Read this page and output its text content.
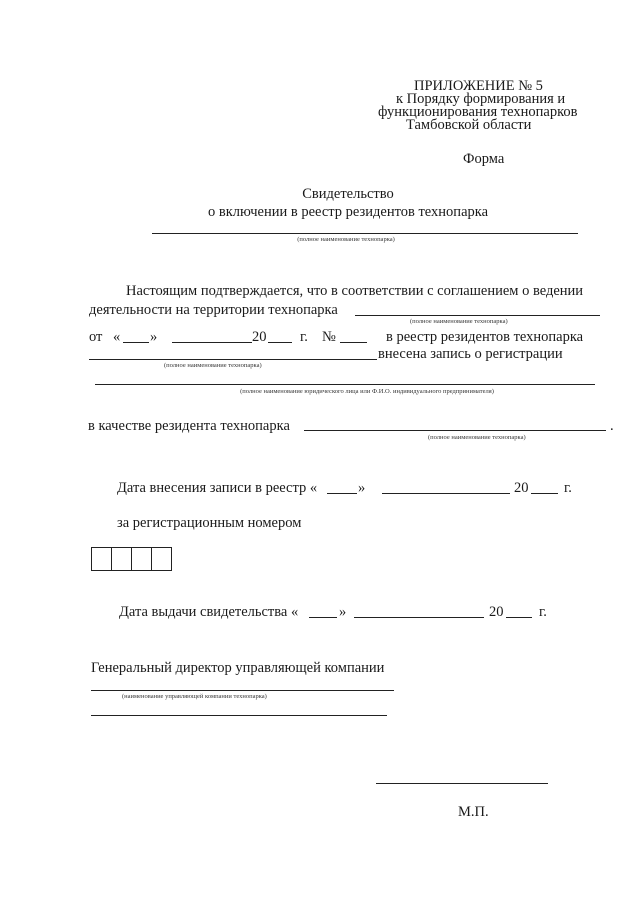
ПРИЛОЖЕНИЕ № 5
к Порядку формирования и
функционирования технопарков
Тамбовской области
Форма
Свидетельство
о включении в реестр резидентов технопарка
(полное наименование технопарка)
Настоящим подтверждается, что в соответствии с соглашением о ведении
деятельности на территории технопарка
(полное наименование технопарка)
от « »	20 г. №	в реестр резидентов технопарка
внесена запись о регистрации
(полное наименование технопарка)
(полное наименование юридического лица или Ф.И.О. индивидуального предпринимателя)
в качестве резидента технопарка	.
(полное наименование технопарка)
Дата внесения записи в реестр «	»	20 г.
за регистрационным номером
Дата выдачи свидетельства «	»	20 г.
Генеральный директор управляющей компании
(наименование управляющей компании технопарка)
М.П.
